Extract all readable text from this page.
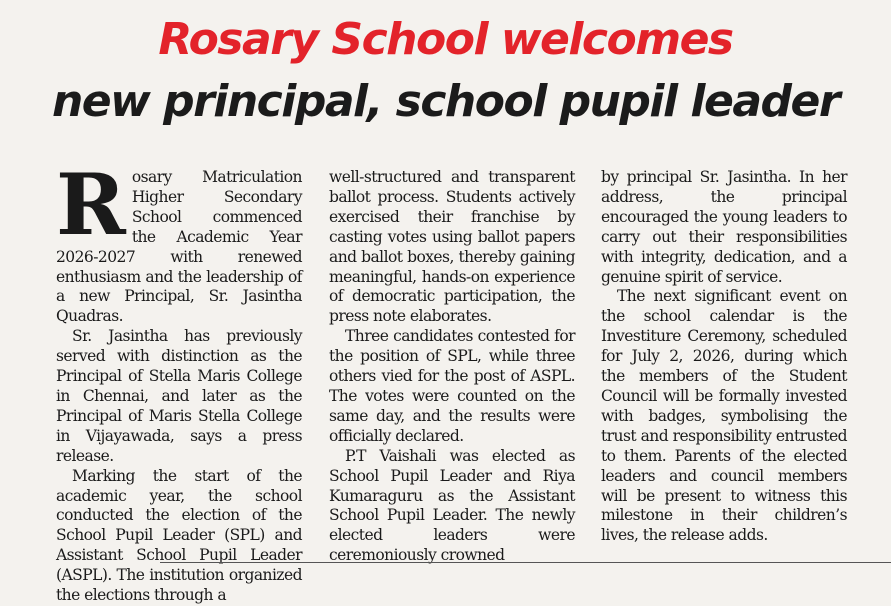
Rosary School welcomes
new principal, school pupil leader

Rosary Matriculation Higher Secondary School commenced the Academic Year 2026-2027 with renewed enthusiasm and the leadership of a new Principal, Sr. Jasintha Quadras.

Sr. Jasintha has previously served with distinction as the Principal of Stella Maris College in Chennai, and later as the Principal of Maris Stella College in Vijayawada, says a press release.

Marking the start of the academic year, the school conducted the election of the School Pupil Leader (SPL) and Assistant School Pupil Leader (ASPL). The institution organized the elections through a

well-structured and transparent ballot process. Students actively exercised their franchise by casting votes using ballot papers and ballot boxes, thereby gaining meaningful, hands-on experience of democratic participation, the press note elaborates.

Three candidates contested for the position of SPL, while three others vied for the post of ASPL. The votes were counted on the same day, and the results were officially declared.

P.T Vaishali was elected as School Pupil Leader and Riya Kumaraguru as the Assistant School Pupil Leader. The newly elected leaders were ceremoniously crowned

by principal Sr. Jasintha. In her address, the principal encouraged the young leaders to carry out their responsibilities with integrity, dedication, and a genuine spirit of service.

The next significant event on the school calendar is the Investiture Ceremony, scheduled for July 2, 2026, during which the members of the Student Council will be formally invested with badges, symbolising the trust and responsibility entrusted to them. Parents of the elected leaders and council members will be present to witness this milestone in their children’s lives, the release adds.
